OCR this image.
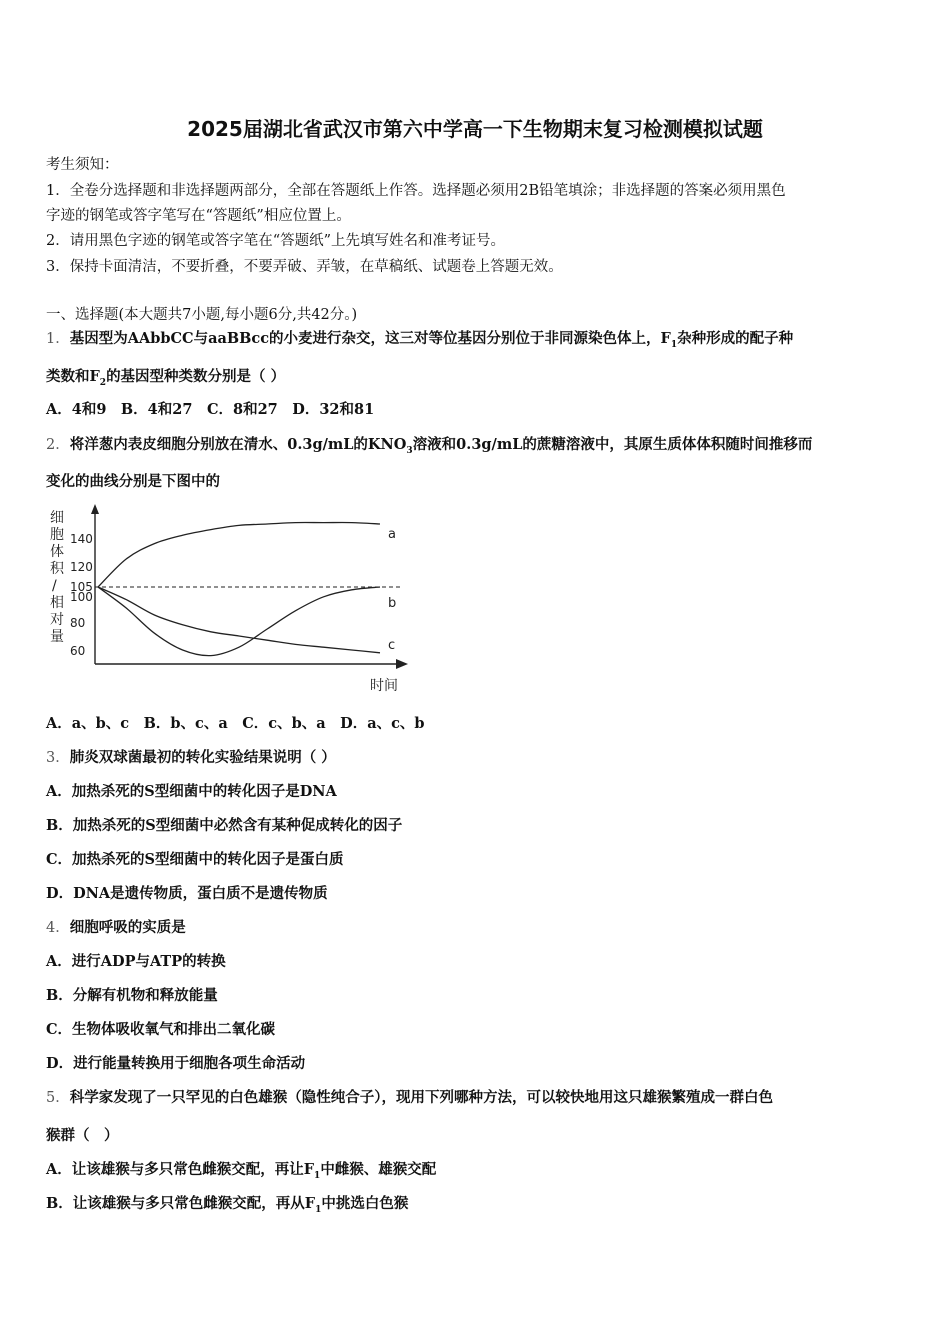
2025届湖北省武汉市第六中学高一下生物期末复习检测模拟试题
考生须知：
1．全卷分选择题和非选择题两部分，全部在答题纸上作答。选择题必须用2B铅笔填涂；非选择题的答案必须用黑色
字迹的钢笔或答字笔写在“答题纸”相应位置上。
2．请用黑色字迹的钢笔或答字笔在“答题纸”上先填写姓名和准考证号。
3．保持卡面清洁，不要折叠，不要弄破、弄皱，在草稿纸、试题卷上答题无效。
一、选择题(本大题共7小题,每小题6分,共42分。)
1．基因型为AAbbCC与aaBBcc的小麦进行杂交，这三对等位基因分别位于非同源染色体上，$F_1$杂种形成的配子种
类数和$F_2$的基因型种类数分别是（ ）
A．4和9　B．4和27　C．8和27　D．32和81
2．将洋葱内表皮细胞分别放在清水、0.3g/mL的$KNO_3$溶液和0.3g/mL的蔗糖溶液中，其原生质体体积随时间推移而
变化的曲线分别是下图中的
细
胞
体
积
/
相
对
量
时间
140
120
105
100
80
60
a
b
c
A．a、b、c　B．b、c、a　C．c、b、a　D．a、c、b
3．肺炎双球菌最初的转化实验结果说明（ ）
A．加热杀死的S型细菌中的转化因子是DNA
B．加热杀死的S型细菌中必然含有某种促成转化的因子
C．加热杀死的S型细菌中的转化因子是蛋白质
D．DNA是遗传物质，蛋白质不是遗传物质
4．细胞呼吸的实质是
A．进行ADP与ATP的转换
B．分解有机物和释放能量
C．生物体吸收氧气和排出二氧化碳
D．进行能量转换用于细胞各项生命活动
5．科学家发现了一只罕见的白色雄猴（隐性纯合子），现用下列哪种方法，可以较快地用这只雄猴繁殖成一群白色
猴群（　）
A．让该雄猴与多只常色雌猴交配，再让$F_1$中雌猴、雄猴交配
B．让该雄猴与多只常色雌猴交配，再从$F_1$中挑选白色猴
